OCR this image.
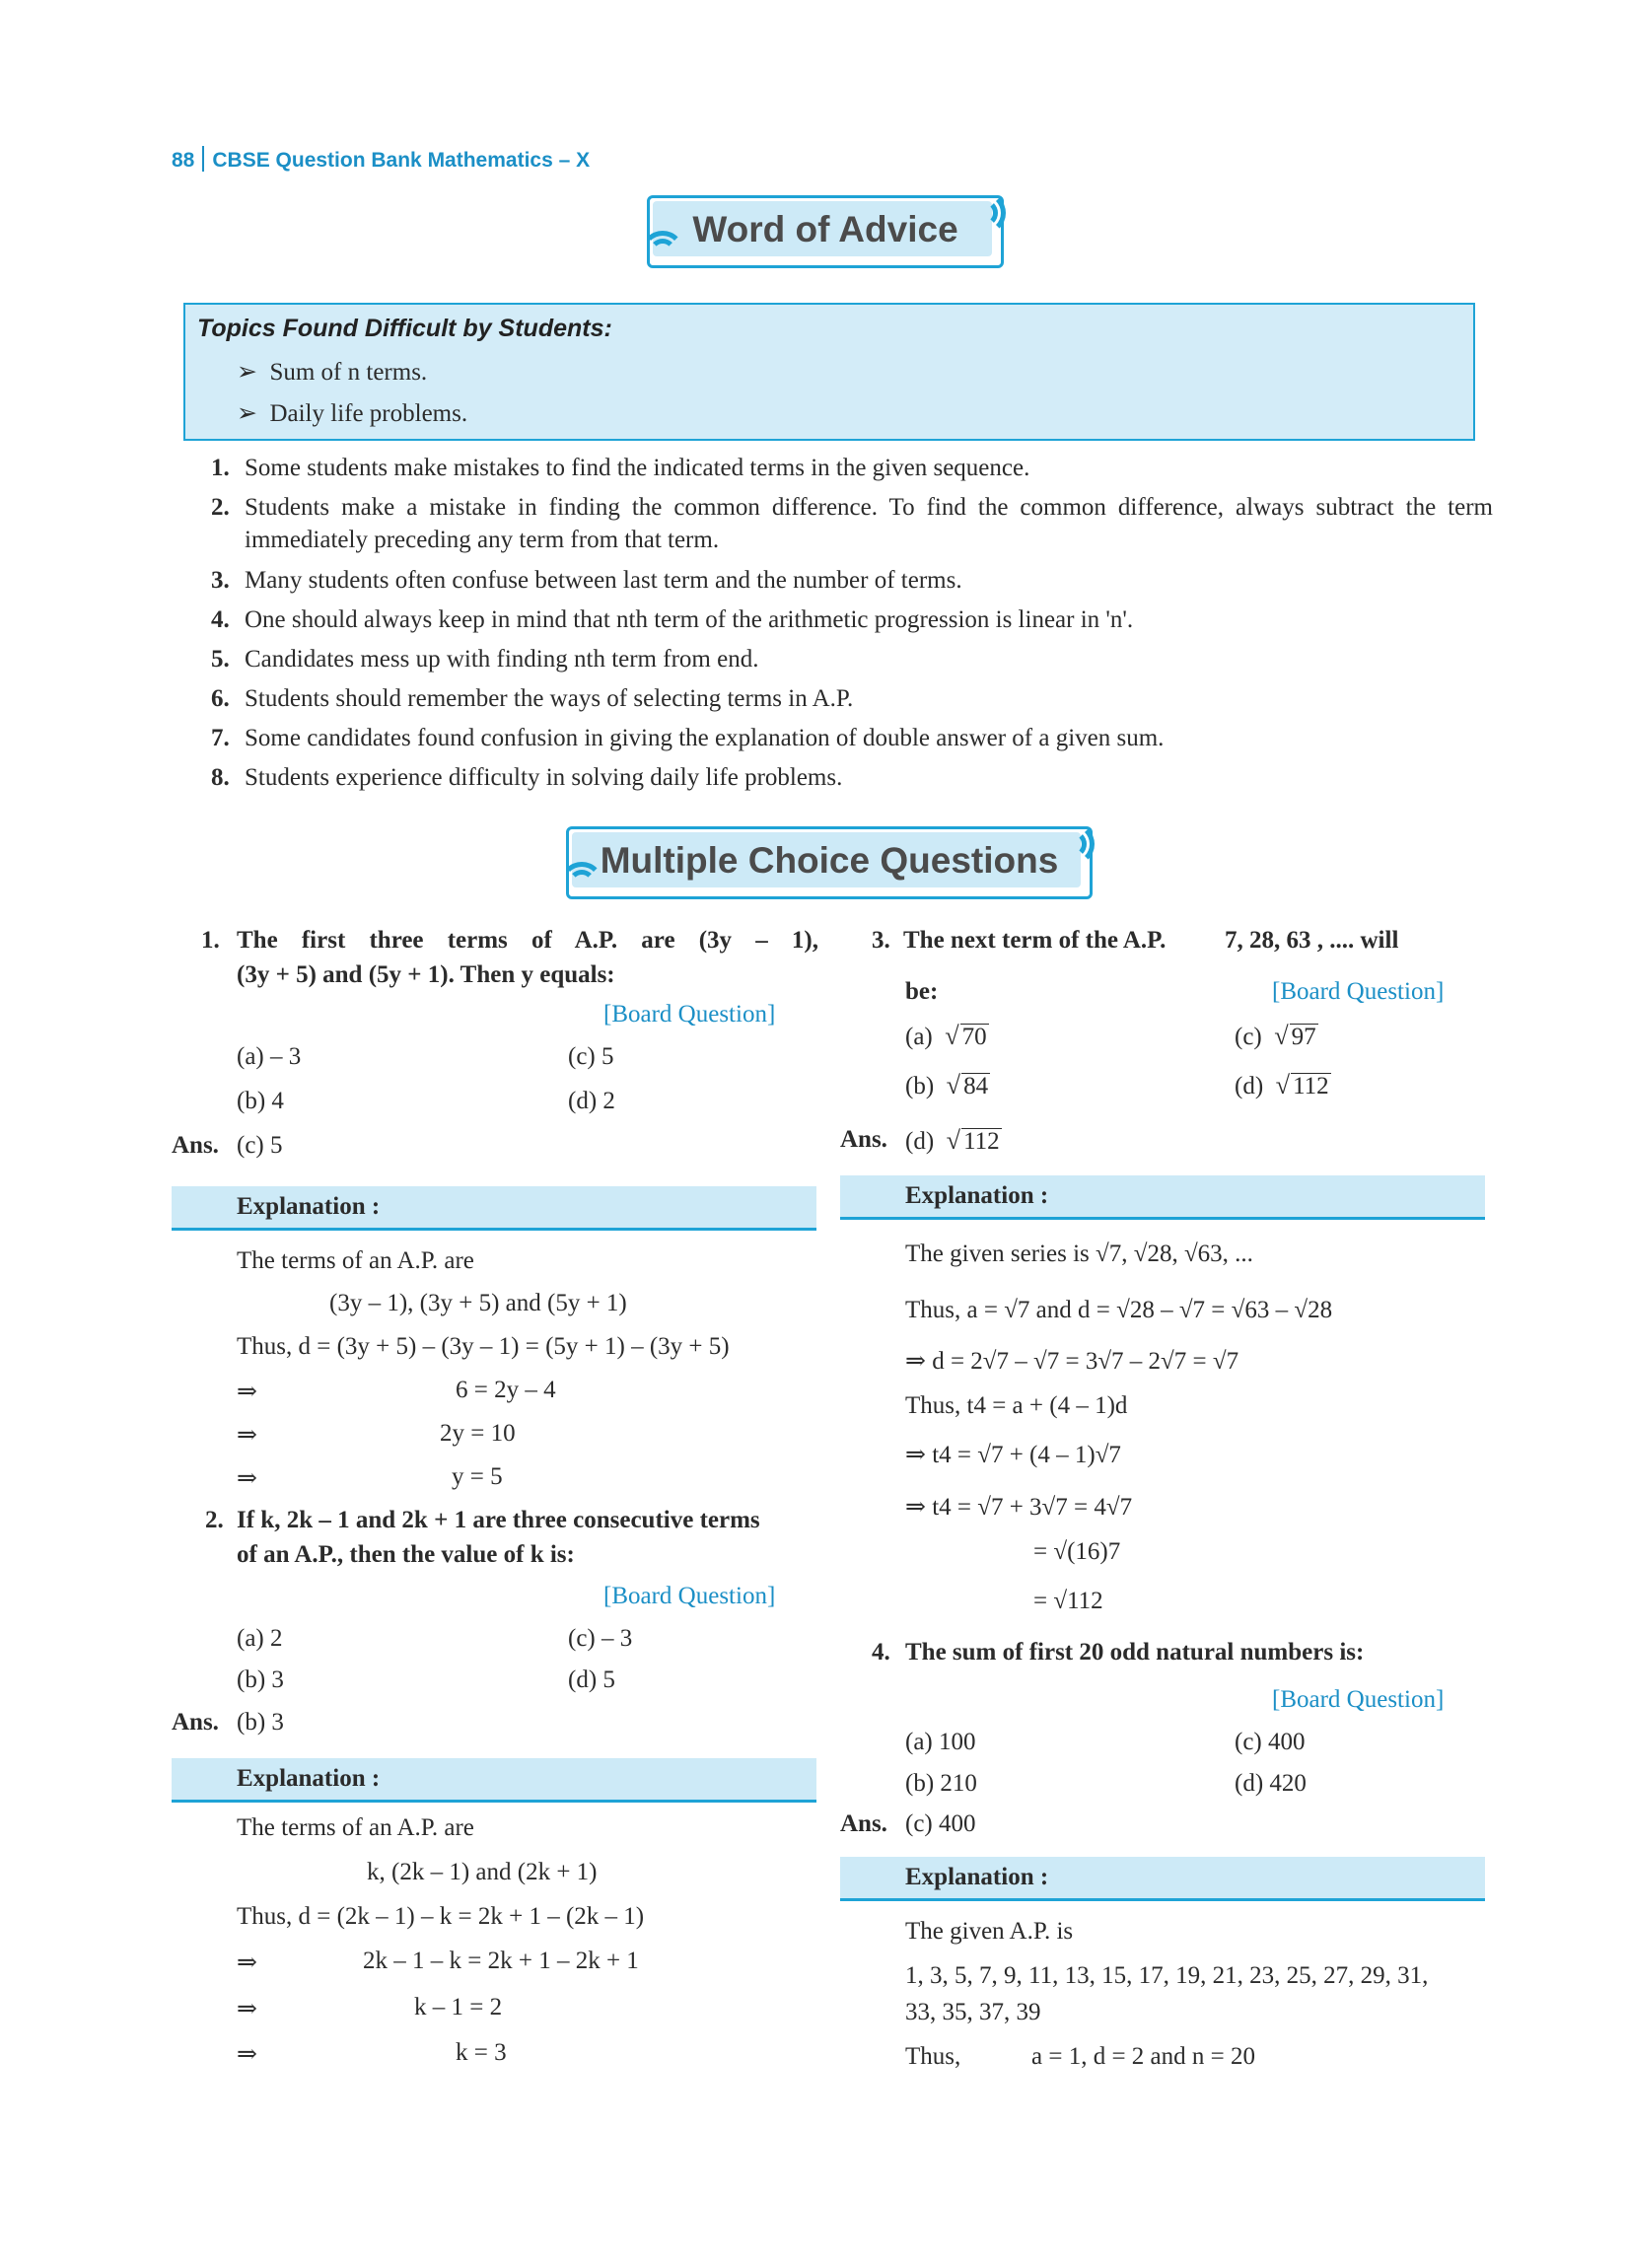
88 CBSE Question Bank Mathematics – X
Word of Advice
Topics Found Difficult by Students:
➢  Sum of n terms.
➢  Daily life problems.
1. Some students make mistakes to find the indicated terms in the given sequence.
2. Students make a mistake in finding the common difference. To find the common difference, always subtract the term immediately preceding any term from that term.
3. Many students often confuse between last term and the number of terms.
4. One should always keep in mind that nth term of the arithmetic progression is linear in 'n'.
5. Candidates mess up with finding nth term from end.
6. Students should remember the ways of selecting terms in A.P.
7. Some candidates found confusion in giving the explanation of double answer of a given sum.
8. Students experience difficulty in solving daily life problems.
Multiple Choice Questions
1. The first three terms of A.P. are (3y – 1),
(3y + 5) and (5y + 1). Then y equals:
[Board Question]
(a) – 3	(c) 5
(b) 4	(d) 2
Ans. (c) 5
Explanation :
The terms of an A.P. are
(3y – 1), (3y + 5) and (5y + 1)
Thus, d = (3y + 5) – (3y – 1) = (5y + 1) – (3y + 5)
⇒	6 = 2y – 4
⇒	2y = 10
⇒	y = 5
2. If k, 2k – 1 and 2k + 1 are three consecutive terms
of an A.P., then the value of k is:
[Board Question]
(a) 2	(c) – 3
(b) 3	(d) 5
Ans. (b) 3
Explanation :
The terms of an A.P. are
k, (2k – 1) and (2k + 1)
Thus, d = (2k – 1) – k = 2k + 1 – (2k – 1)
⇒	2k – 1 – k = 2k + 1 – 2k + 1
⇒	k – 1 = 2
⇒	k = 3
3. The next term of the A.P. 7, 28, 63 , .... will
be:	[Board Question]
(a) √ 70	(c) √ 97
(b) √ 84	(d) √ 112
Ans. (d) √ 112
Explanation :
The given series is √7, √28, √63, ...
Thus, a = √7 and d = √28 – √7 = √63 – √28
⇒ d = 2√7 – √7 = 3√7 – 2√7 = √7
Thus, t4 = a + (4 – 1)d
⇒ t4 = √7 + (4 – 1)√7
⇒ t4 = √7 + 3√7 = 4√7
= √(16)7
= √112
4. The sum of first 20 odd natural numbers is:
[Board Question]
(a) 100	(c) 400
(b) 210	(d) 420
Ans. (c) 400
Explanation :
The given A.P. is
1, 3, 5, 7, 9, 11, 13, 15, 17, 19, 21, 23, 25, 27, 29, 31,
33, 35, 37, 39
Thus,	a = 1, d = 2 and n = 20
